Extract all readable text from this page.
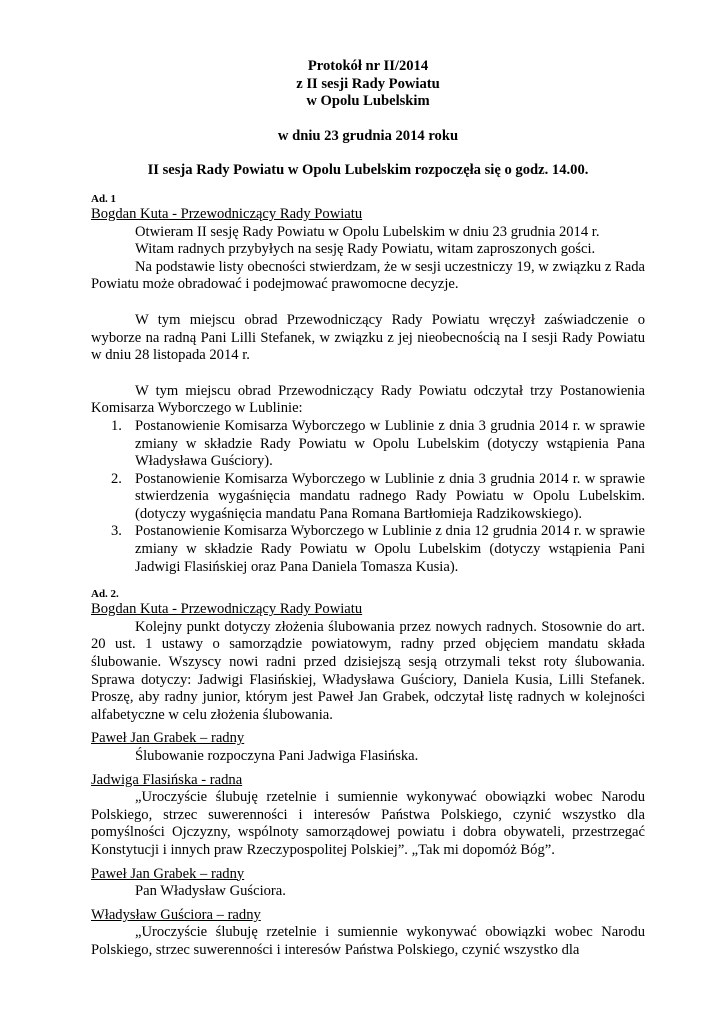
Protokół nr II/2014
z II sesji Rady Powiatu
w Opolu Lubelskim
w dniu 23 grudnia 2014 roku
II sesja Rady Powiatu w Opolu Lubelskim rozpoczęła się o godz. 14.00.
Ad. 1
Bogdan Kuta - Przewodniczący Rady Powiatu

Otwieram II sesję Rady Powiatu w Opolu Lubelskim w dniu 23 grudnia 2014 r.

Witam radnych przybyłych na sesję Rady Powiatu, witam zaproszonych gości.

Na podstawie listy obecności stwierdzam, że w sesji uczestniczy 19, w związku z Rada Powiatu może obradować i podejmować prawomocne decyzje.

W tym miejscu obrad Przewodniczący Rady Powiatu wręczył zaświadczenie o wyborze na radną Pani Lilli Stefanek, w związku z jej nieobecnością na I sesji Rady Powiatu w dniu 28 listopada 2014 r.

W tym miejscu obrad Przewodniczący Rady Powiatu odczytał trzy Postanowienia Komisarza Wyborczego w Lublinie:

1. Postanowienie Komisarza Wyborczego w Lublinie z dnia 3 grudnia 2014 r. w sprawie zmiany w składzie Rady Powiatu w Opolu Lubelskim (dotyczy wstąpienia Pana Władysława Guściory).
2. Postanowienie Komisarza Wyborczego w Lublinie z dnia 3 grudnia 2014 r. w sprawie stwierdzenia wygaśnięcia mandatu radnego Rady Powiatu w Opolu Lubelskim. (dotyczy wygaśnięcia mandatu Pana Romana Bartłomieja Radzikowskiego).
3. Postanowienie Komisarza Wyborczego w Lublinie z dnia 12 grudnia 2014 r. w sprawie zmiany w składzie Rady Powiatu w Opolu Lubelskim (dotyczy wstąpienia Pani Jadwigi Flasińskiej oraz Pana Daniela Tomasza Kusia).
Ad. 2.
Bogdan Kuta - Przewodniczący Rady Powiatu

Kolejny punkt dotyczy złożenia ślubowania przez nowych radnych. Stosownie do art. 20 ust. 1 ustawy o samorządzie powiatowym, radny przed objęciem mandatu składa ślubowanie. Wszyscy nowi radni przed dzisiejszą sesją otrzymali tekst roty ślubowania. Sprawa dotyczy: Jadwigi Flasińskiej, Władysława Guściory, Daniela Kusia, Lilli Stefanek. Proszę, aby radny junior, którym jest Paweł Jan Grabek, odczytał listę radnych w kolejności alfabetyczne w celu złożenia ślubowania.

Paweł Jan Grabek – radny

Ślubowanie rozpoczyna Pani Jadwiga Flasińska.

Jadwiga Flasińska - radna

„Uroczyście ślubuję rzetelnie i sumiennie wykonywać obowiązki wobec Narodu Polskiego, strzec suwerenności i interesów Państwa Polskiego, czynić wszystko dla pomyślności Ojczyzny, wspólnoty samorządowej powiatu i dobra obywateli, przestrzegać Konstytucji i innych praw Rzeczypospolitej Polskiej”. „Tak mi dopomóż Bóg”.

Paweł Jan Grabek – radny

Pan Władysław Guściora.

Władysław Guściora – radny

„Uroczyście ślubuję rzetelnie i sumiennie wykonywać obowiązki wobec Narodu Polskiego, strzec suwerenności i interesów Państwa Polskiego, czynić wszystko dla
